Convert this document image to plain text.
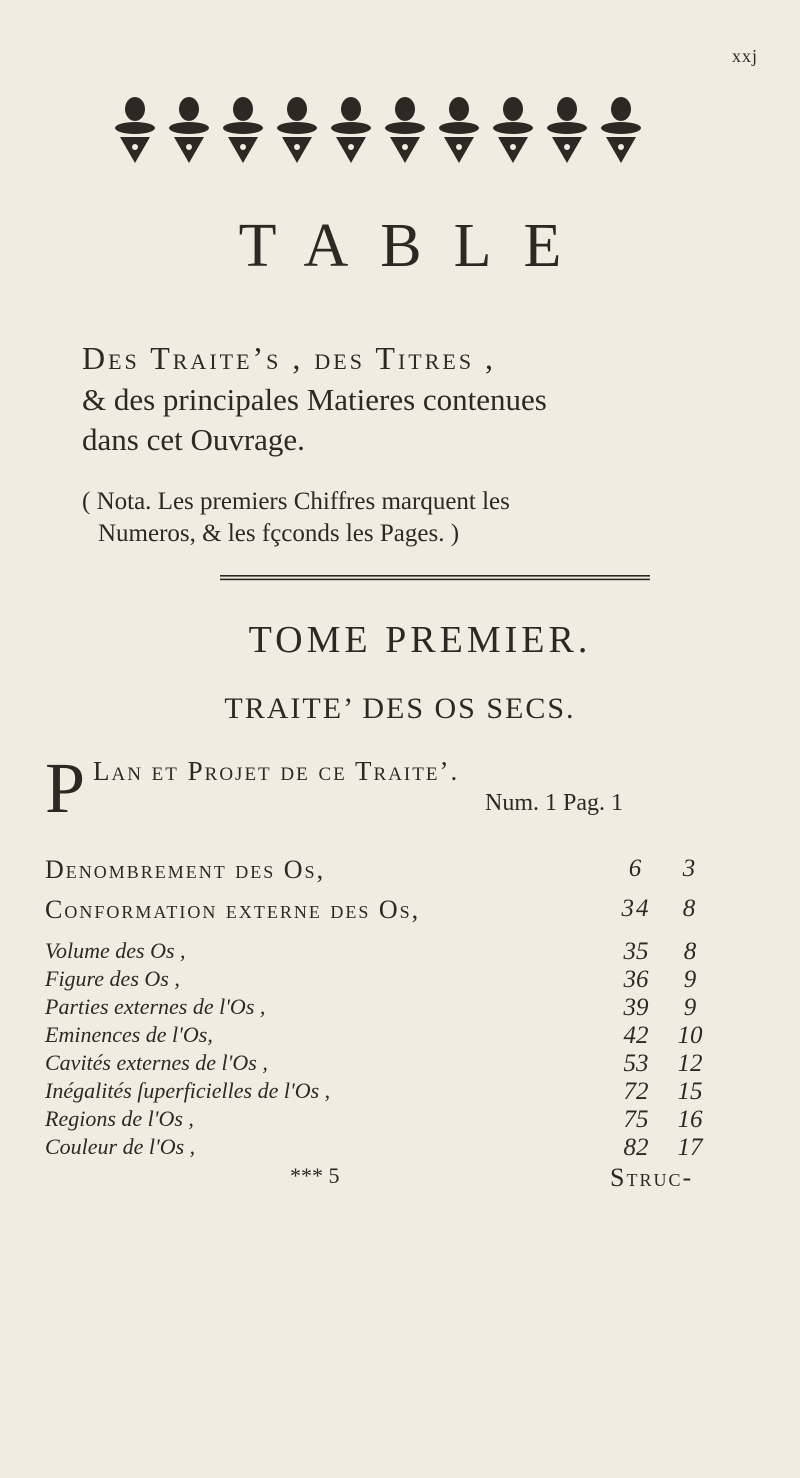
xxj
TABLE
Des Traite’s , des Titres ,
& des principales Matieres contenues
dans cet Ouvrage.
( Nota. Les premiers Chiffres marquent les
Numeros, & les fçconds les Pages. )
TOME PREMIER.
TRAITE’ DES OS SECS.
P Lan et Projet de ce Traite’.
Num. 1 Pag. 1
Denombrement des Os,	6	3
Conformation externe des Os,	34	8
Volume des Os ,	35	8
Figure des Os ,	36	9
Parties externes de l'Os ,	39	9
Eminences de l'Os,	42	10
Cavités externes de l'Os ,	53	12
Inégalités ſuperficielles de l'Os ,	72	15
Regions de l'Os ,	75	16
Couleur de l'Os ,	82	17
*** 5	Struc-
